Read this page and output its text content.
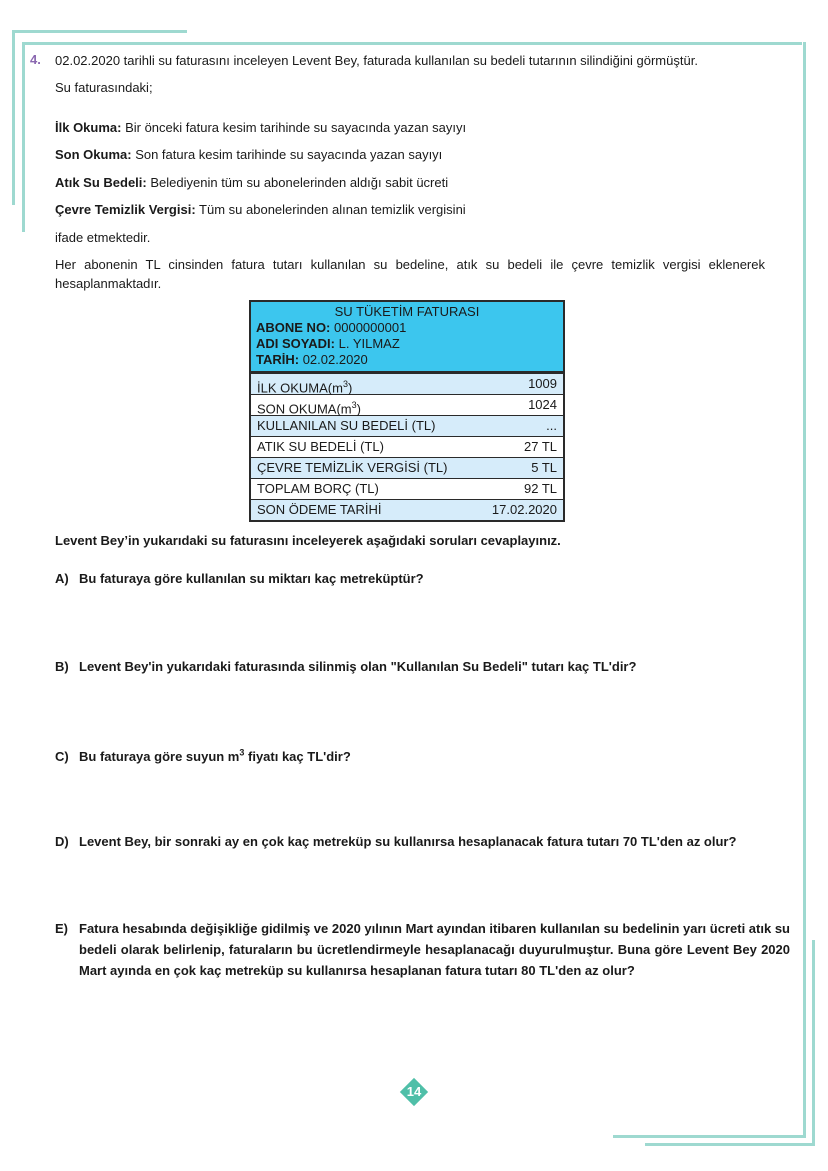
4. 02.02.2020 tarihli su faturasını inceleyen Levent Bey, faturada kullanılan su bedeli tutarının silindiğini görmüştür.
Su faturasındaki;
İlk Okuma: Bir önceki fatura kesim tarihinde su sayacında yazan sayıyı
Son Okuma: Son fatura kesim tarihinde su sayacında yazan sayıyı
Atık Su Bedeli: Belediyenin tüm su abonelerinden aldığı sabit ücreti
Çevre Temizlik Vergisi: Tüm su abonelerinden alınan temizlik vergisini
ifade etmektedir.
Her abonenin TL cinsinden fatura tutarı kullanılan su bedeline, atık su bedeli ile çevre temizlik vergisi eklenerek hesaplanmaktadır.
SU TÜKETİM FATURASI
ABONE NO: 0000000001
ADI SOYADI: L. YILMAZ
TARİH: 02.02.2020
İLK $OKUMA(m^3)$	1009
SON $OKUMA(m^3)$	1024
KULLANILAN SU BEDELİ (TL)	...
ATIK SU BEDELİ (TL)	27 TL
ÇEVRE TEMİZLİK VERGİSİ (TL)	5 TL
TOPLAM BORÇ (TL)	92 TL
SON ÖDEME TARİHİ	17.02.2020
Levent Bey’in yukarıdaki su faturasını inceleyerek aşağıdaki soruları cevaplayınız.
A) Bu faturaya göre kullanılan su miktarı kaç metreküptür?
B) Levent Bey'in yukarıdaki faturasında silinmiş olan "Kullanılan Su Bedeli" tutarı kaç TL'dir?
C) Bu faturaya göre suyun $m^3$ fiyatı kaç TL'dir?
D) Levent Bey, bir sonraki ay en çok kaç metreküp su kullanırsa hesaplanacak fatura tutarı 70 TL'den az olur?
E) Fatura hesabında değişikliğe gidilmiş ve 2020 yılının Mart ayından itibaren kullanılan su bedelinin yarı ücreti atık su bedeli olarak belirlenip, faturaların bu ücretlendirmeyle hesaplanacağı duyurulmuştur. Buna göre Levent Bey 2020 Mart ayında en çok kaç metreküp su kullanırsa hesaplanan fatura tutarı 80 TL'den az olur?
14
